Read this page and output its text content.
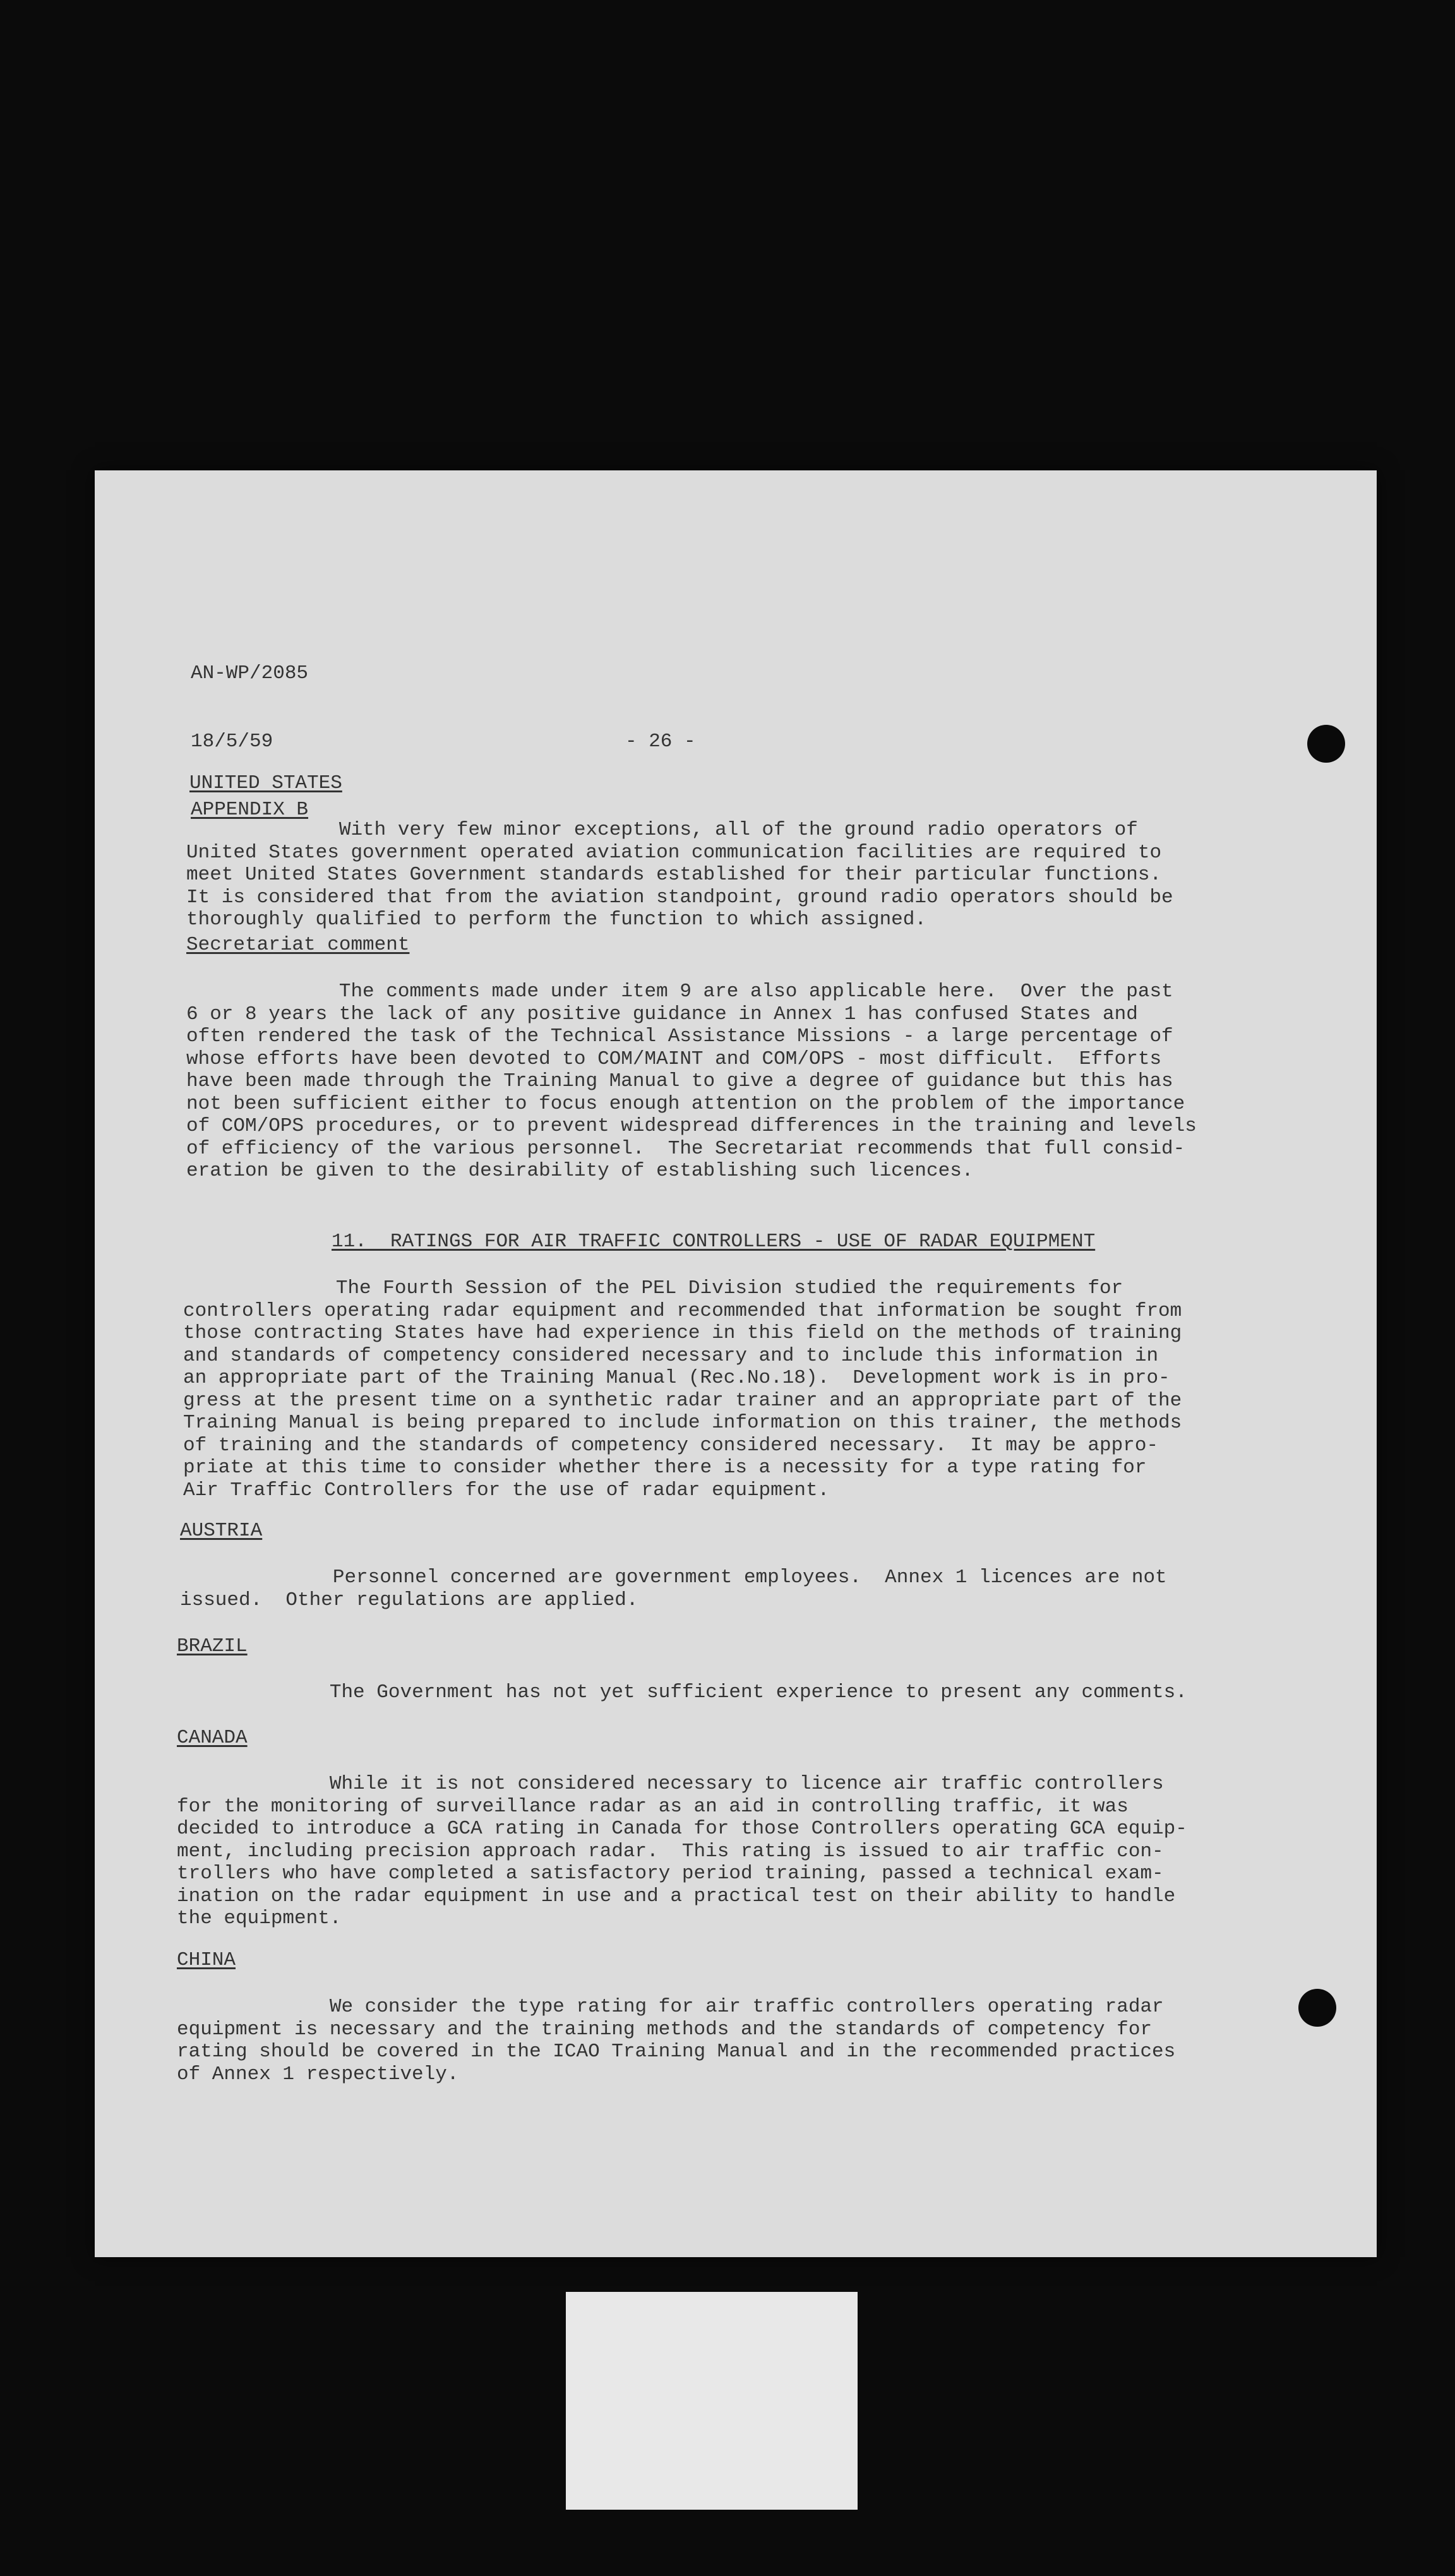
AN-WP/2085

18/5/59

APPENDIX B

- 26 -
UNITED STATES
With very few minor exceptions, all of the ground radio operators of
United States government operated aviation communication facilities are required to
meet United States Government standards established for their particular functions.
It is considered that from the aviation standpoint, ground radio operators should be
thoroughly qualified to perform the function to which assigned.
Secretariat comment
The comments made under item 9 are also applicable here.  Over the past
6 or 8 years the lack of any positive guidance in Annex 1 has confused States and
often rendered the task of the Technical Assistance Missions - a large percentage of
whose efforts have been devoted to COM/MAINT and COM/OPS - most difficult.  Efforts
have been made through the Training Manual to give a degree of guidance but this has
not been sufficient either to focus enough attention on the problem of the importance
of COM/OPS procedures, or to prevent widespread differences in the training and levels
of efficiency of the various personnel.  The Secretariat recommends that full consid-
eration be given to the desirability of establishing such licences.
11.  RATINGS FOR AIR TRAFFIC CONTROLLERS - USE OF RADAR EQUIPMENT
The Fourth Session of the PEL Division studied the requirements for
controllers operating radar equipment and recommended that information be sought from
those contracting States have had experience in this field on the methods of training
and standards of competency considered necessary and to include this information in
an appropriate part of the Training Manual (Rec.No.18).  Development work is in pro-
gress at the present time on a synthetic radar trainer and an appropriate part of the
Training Manual is being prepared to include information on this trainer, the methods
of training and the standards of competency considered necessary.  It may be appro-
priate at this time to consider whether there is a necessity for a type rating for
Air Traffic Controllers for the use of radar equipment.
AUSTRIA
Personnel concerned are government employees.  Annex 1 licences are not
issued.  Other regulations are applied.
BRAZIL
The Government has not yet sufficient experience to present any comments.
CANADA
While it is not considered necessary to licence air traffic controllers
for the monitoring of surveillance radar as an aid in controlling traffic, it was
decided to introduce a GCA rating in Canada for those Controllers operating GCA equip-
ment, including precision approach radar.  This rating is issued to air traffic con-
trollers who have completed a satisfactory period training, passed a technical exam-
ination on the radar equipment in use and a practical test on their ability to handle
the equipment.
CHINA
We consider the type rating for air traffic controllers operating radar
equipment is necessary and the training methods and the standards of competency for
rating should be covered in the ICAO Training Manual and in the recommended practices
of Annex 1 respectively.
